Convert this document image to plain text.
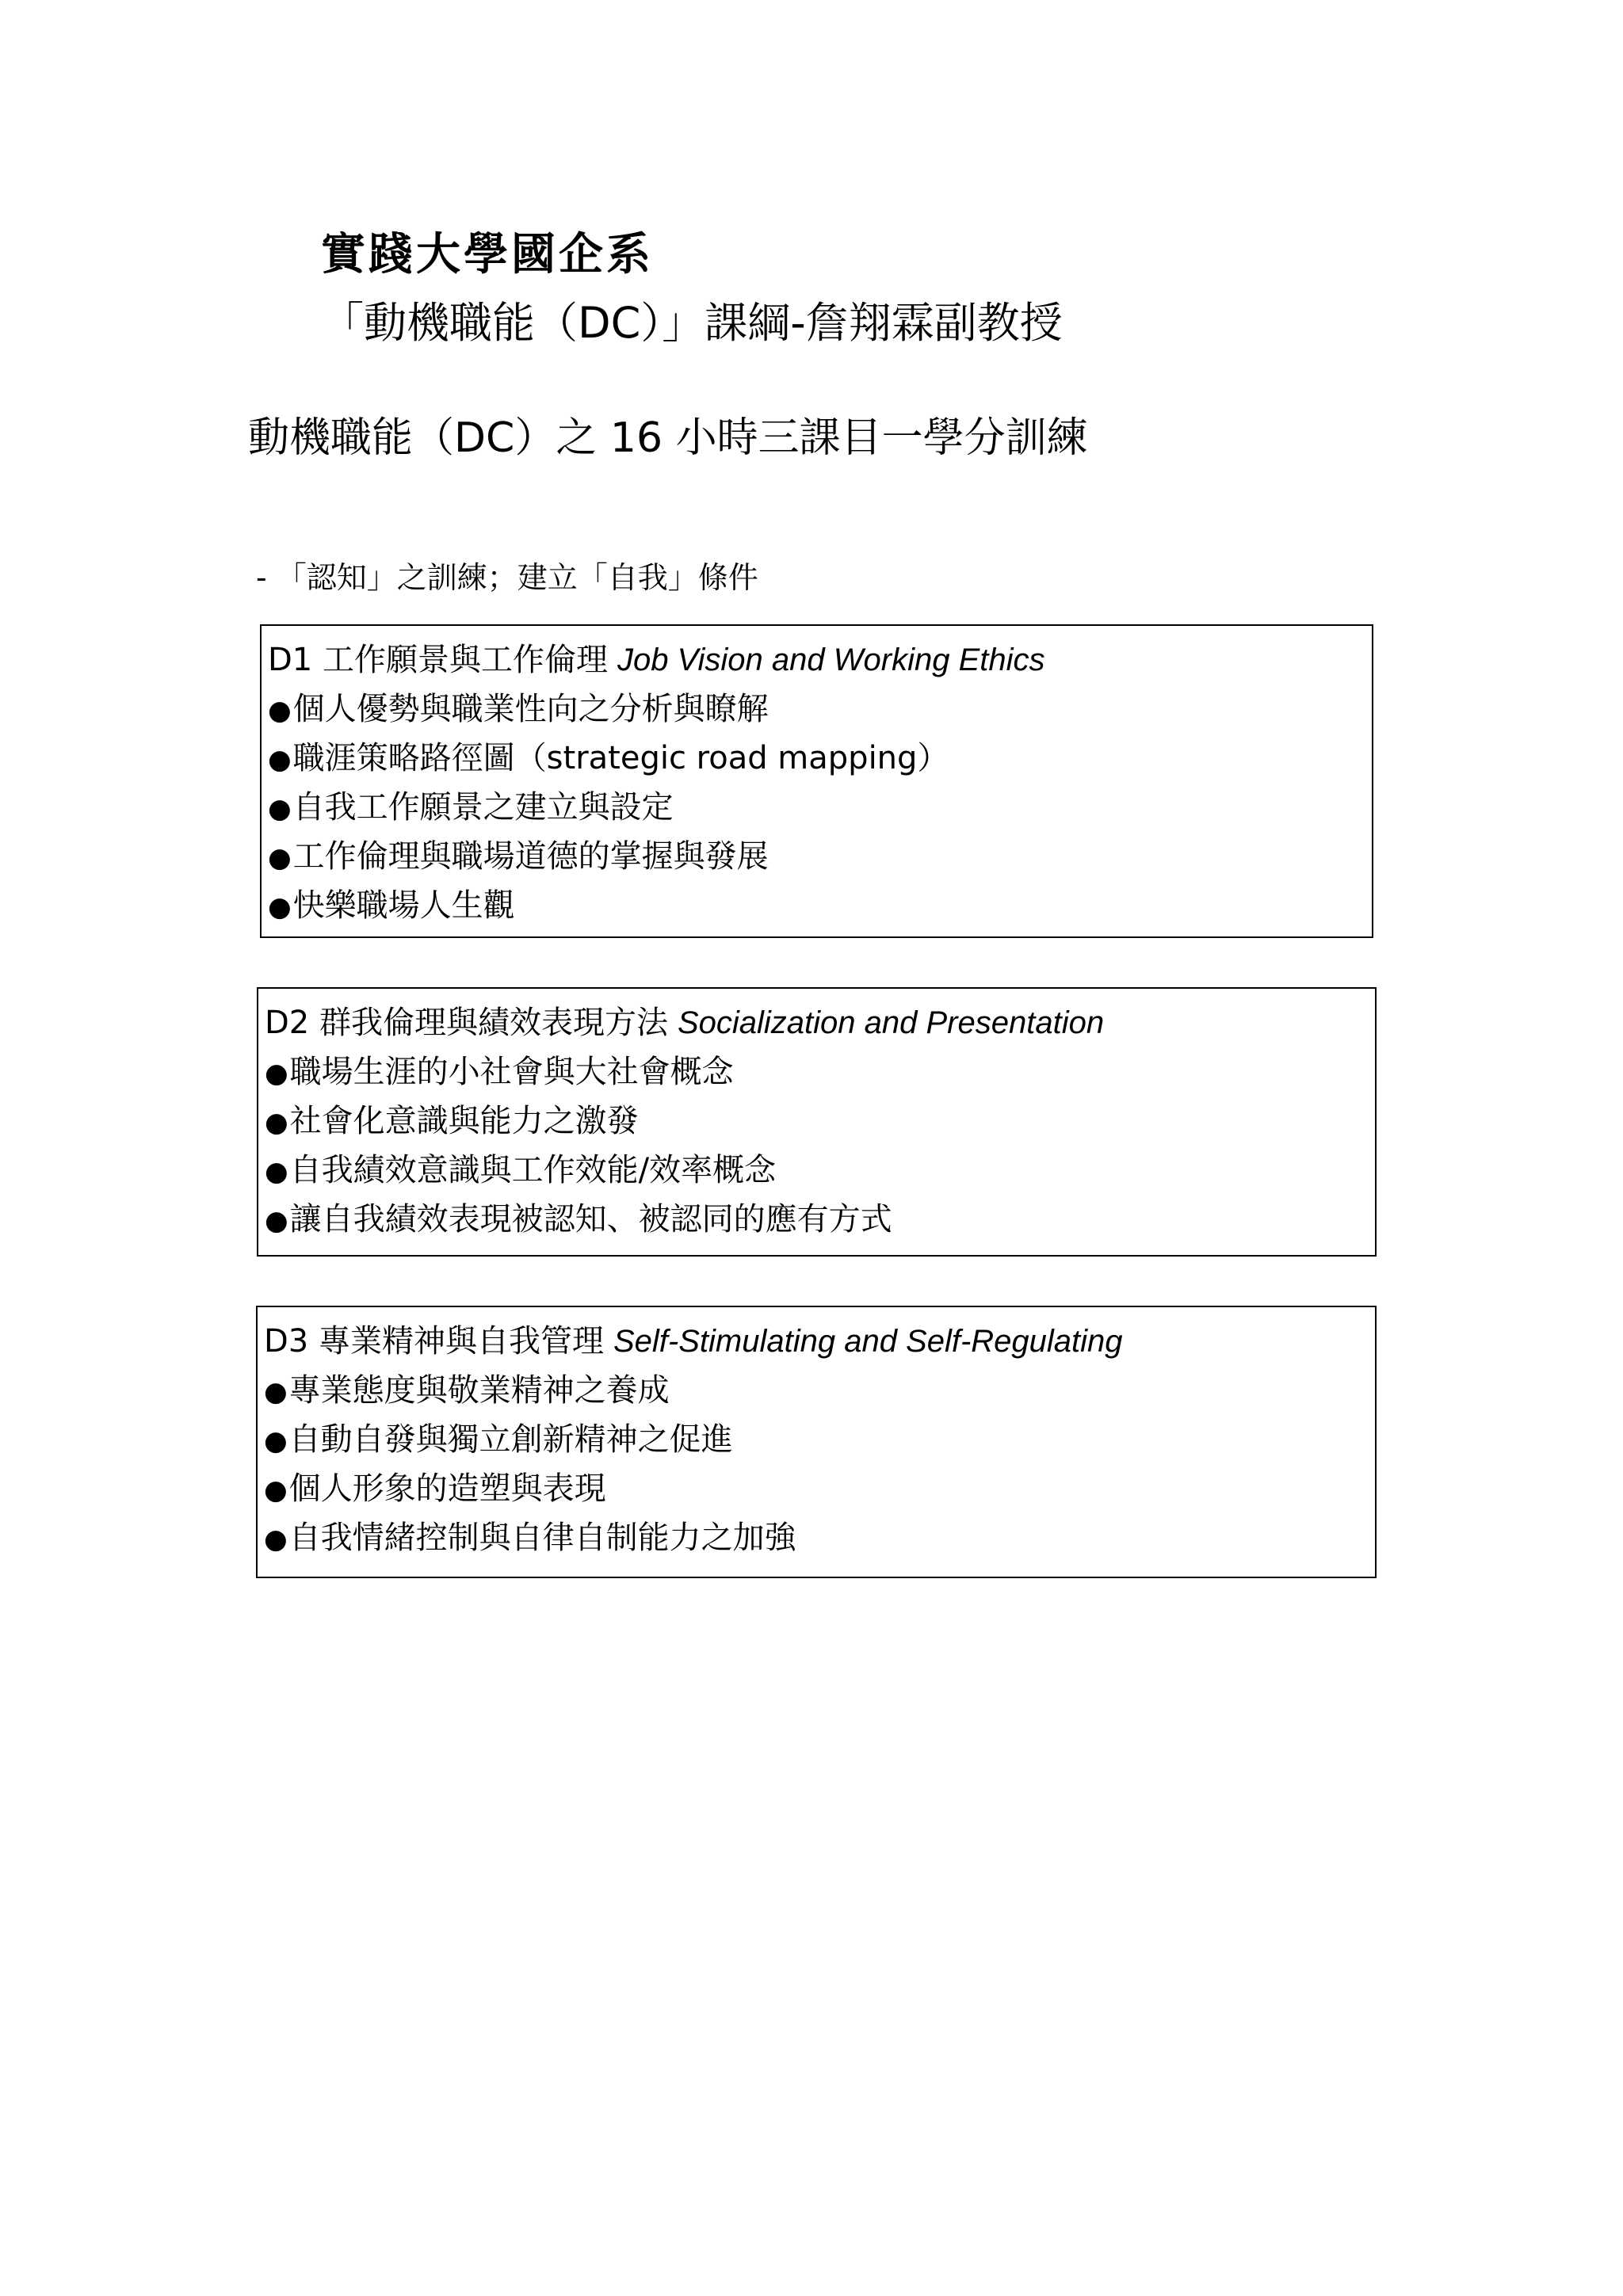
實踐大學國企系
「動機職能（DC）」課綱-詹翔霖副教授
動機職能（DC）之 16 小時三課目一學分訓練
- 「認知」之訓練；建立「自我」條件
D1 工作願景與工作倫理 Job Vision and Working Ethics
●個人優勢與職業性向之分析與瞭解
●職涯策略路徑圖（strategic road mapping）
●自我工作願景之建立與設定
●工作倫理與職場道德的掌握與發展
●快樂職場人生觀
D2 群我倫理與績效表現方法 Socialization and Presentation
●職場生涯的小社會與大社會概念
●社會化意識與能力之激發
●自我績效意識與工作效能/效率概念
●讓自我績效表現被認知、被認同的應有方式
D3 專業精神與自我管理 Self-Stimulating and Self-Regulating
●專業態度與敬業精神之養成
●自動自發與獨立創新精神之促進
●個人形象的造塑與表現
●自我情緒控制與自律自制能力之加強
